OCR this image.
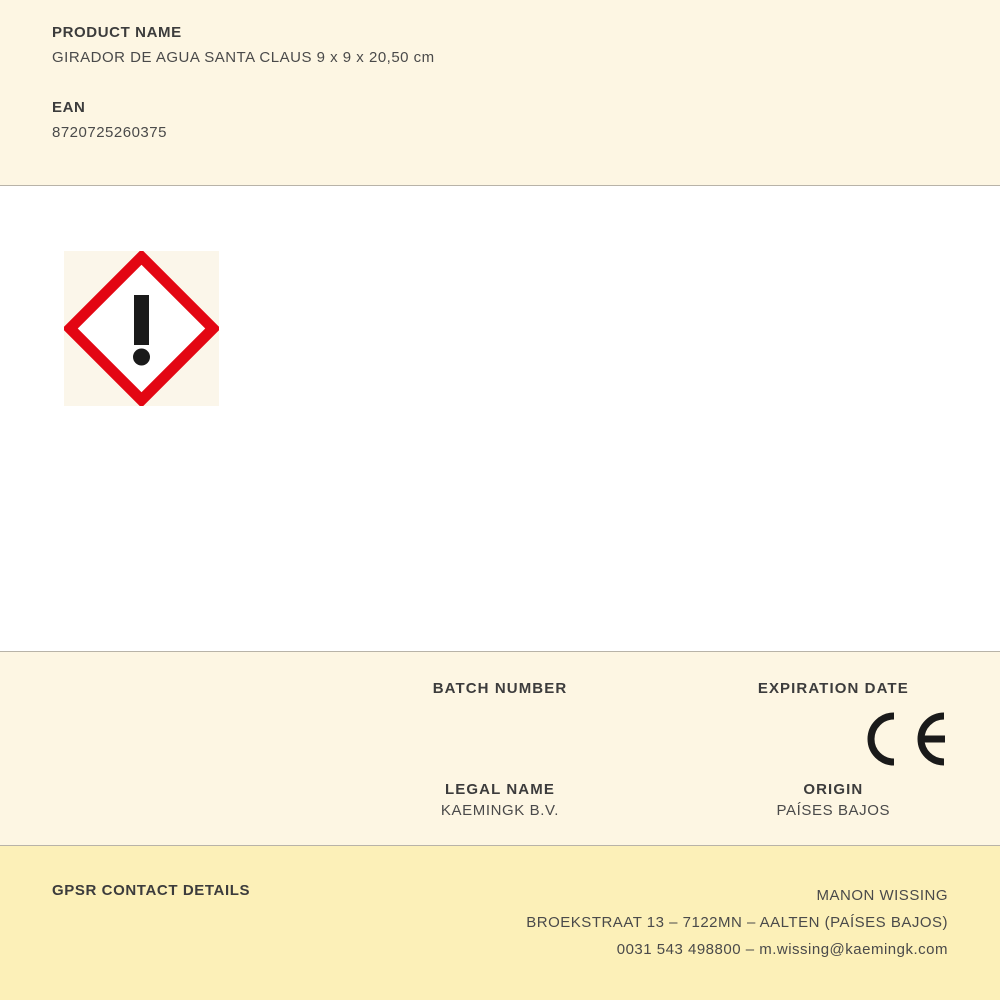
PRODUCT NAME

GIRADOR DE AGUA SANTA CLAUS 9 x 9 x 20,50 cm

EAN

8720725260375

BATCH NUMBER	EXPIRATION DATE

LEGAL NAME

KAEMINGK B.V.

ORIGIN

PAÍSES BAJOS

GPSR CONTACT DETAILS	MANON WISSING
BROEKSTRAAT 13 – 7122MN – AALTEN (PAÍSES BAJOS)
0031 543 498800 – m.wissing@kaemingk.com
